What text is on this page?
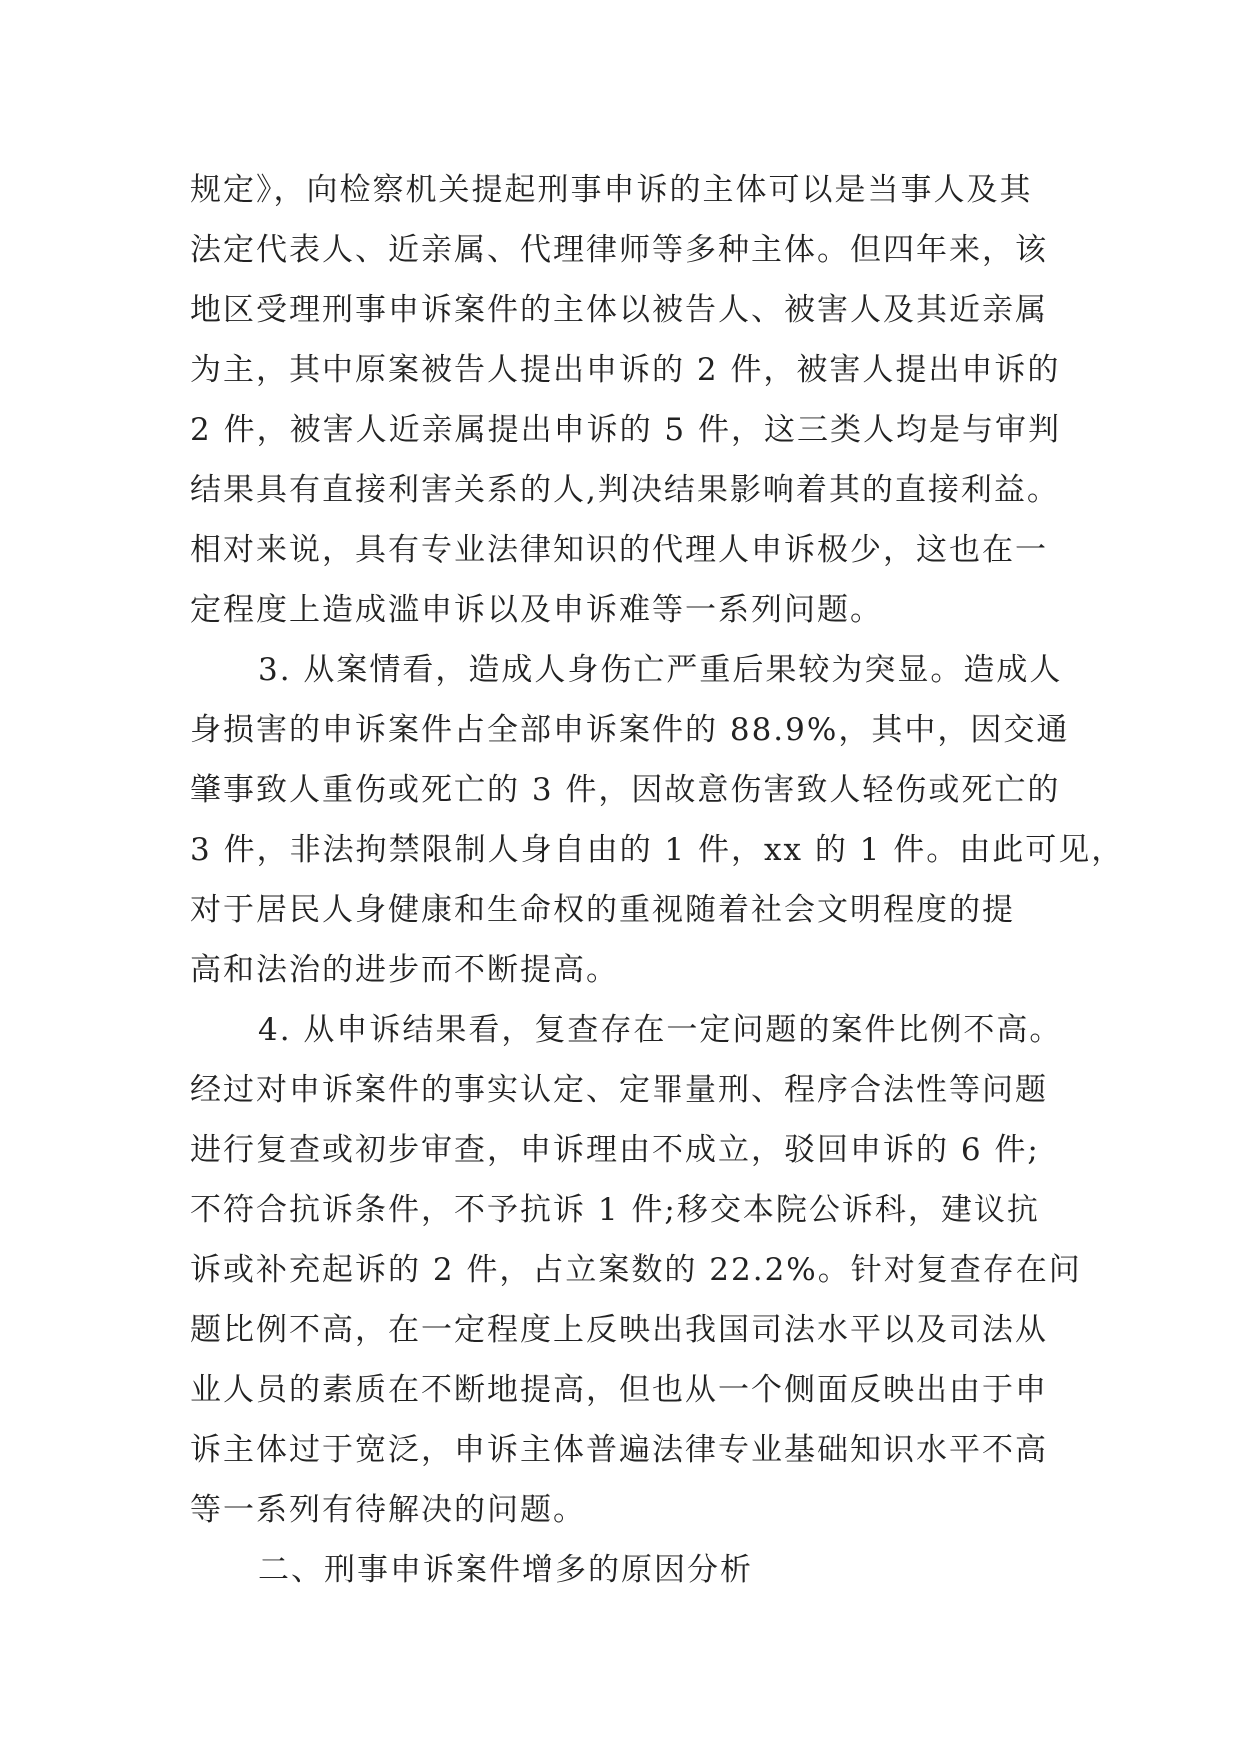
规定》，向检察机关提起刑事申诉的主体可以是当事人及其
法定代表人、近亲属、代理律师等多种主体。但四年来，该
地区受理刑事申诉案件的主体以被告人、被害人及其近亲属
为主，其中原案被告人提出申诉的 2 件，被害人提出申诉的
2 件，被害人近亲属提出申诉的 5 件，这三类人均是与审判
结果具有直接利害关系的人,判决结果影响着其的直接利益。
相对来说，具有专业法律知识的代理人申诉极少，这也在一
定程度上造成滥申诉以及申诉难等一系列问题。
3. 从案情看，造成人身伤亡严重后果较为突显。造成人
身损害的申诉案件占全部申诉案件的 88.9%，其中，因交通
肇事致人重伤或死亡的 3 件，因故意伤害致人轻伤或死亡的
3 件，非法拘禁限制人身自由的 1 件，xx 的 1 件。由此可见，
对于居民人身健康和生命权的重视随着社会文明程度的提
高和法治的进步而不断提高。
4. 从申诉结果看，复查存在一定问题的案件比例不高。
经过对申诉案件的事实认定、定罪量刑、程序合法性等问题
进行复查或初步审查，申诉理由不成立，驳回申诉的 6 件;
不符合抗诉条件，不予抗诉 1 件;移交本院公诉科，建议抗
诉或补充起诉的 2 件，占立案数的 22.2%。针对复查存在问
题比例不高，在一定程度上反映出我国司法水平以及司法从
业人员的素质在不断地提高，但也从一个侧面反映出由于申
诉主体过于宽泛，申诉主体普遍法律专业基础知识水平不高
等一系列有待解决的问题。
二、刑事申诉案件增多的原因分析
